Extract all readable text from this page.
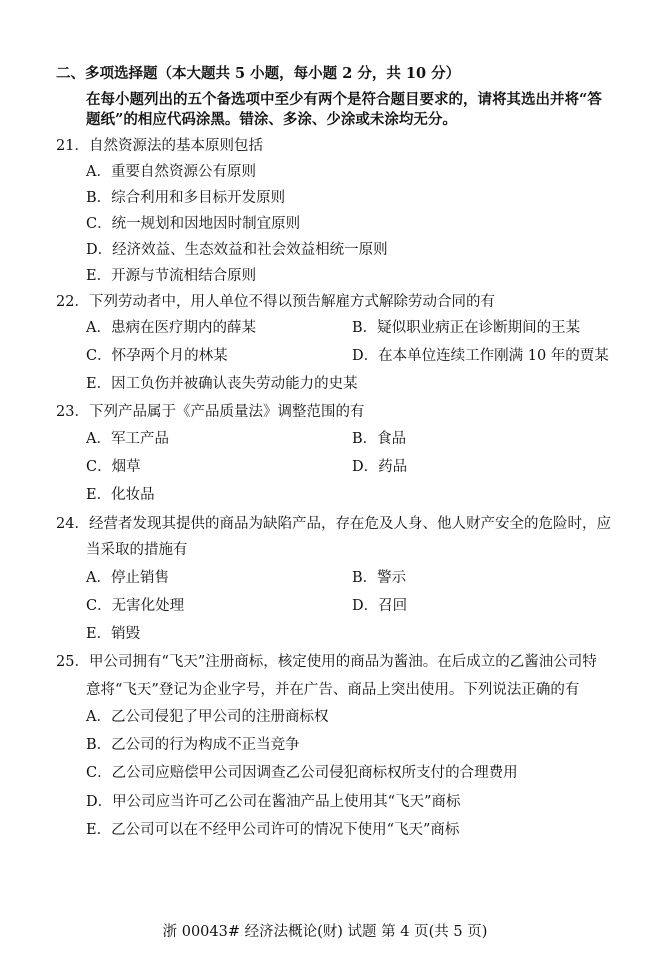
二、多项选择题（本大题共 5 小题，每小题 2 分，共 10 分）
在每小题列出的五个备选项中至少有两个是符合题目要求的，请将其选出并将“答
题纸”的相应代码涂黑。错涂、多涂、少涂或未涂均无分。
21．自然资源法的基本原则包括
A．重要自然资源公有原则
B．综合利用和多目标开发原则
C．统一规划和因地因时制宜原则
D．经济效益、生态效益和社会效益相统一原则
E．开源与节流相结合原则
22．下列劳动者中，用人单位不得以预告解雇方式解除劳动合同的有
A．患病在医疗期内的薛某	B．疑似职业病正在诊断期间的王某
C．怀孕两个月的林某	D．在本单位连续工作刚满 10 年的贾某
E．因工负伤并被确认丧失劳动能力的史某
23．下列产品属于《产品质量法》调整范围的有
A．军工产品	B．食品
C．烟草	D．药品
E．化妆品
24．经营者发现其提供的商品为缺陷产品，存在危及人身、他人财产安全的危险时，应
当采取的措施有
A．停止销售	B．警示
C．无害化处理	D．召回
E．销毁
25．甲公司拥有“飞天”注册商标，核定使用的商品为酱油。在后成立的乙酱油公司特
意将“飞天”登记为企业字号，并在广告、商品上突出使用。下列说法正确的有
A．乙公司侵犯了甲公司的注册商标权
B．乙公司的行为构成不正当竞争
C．乙公司应赔偿甲公司因调查乙公司侵犯商标权所支付的合理费用
D．甲公司应当许可乙公司在酱油产品上使用其“飞天”商标
E．乙公司可以在不经甲公司许可的情况下使用“飞天”商标
浙 00043# 经济法概论(财) 试题 第 4 页(共 5 页)
